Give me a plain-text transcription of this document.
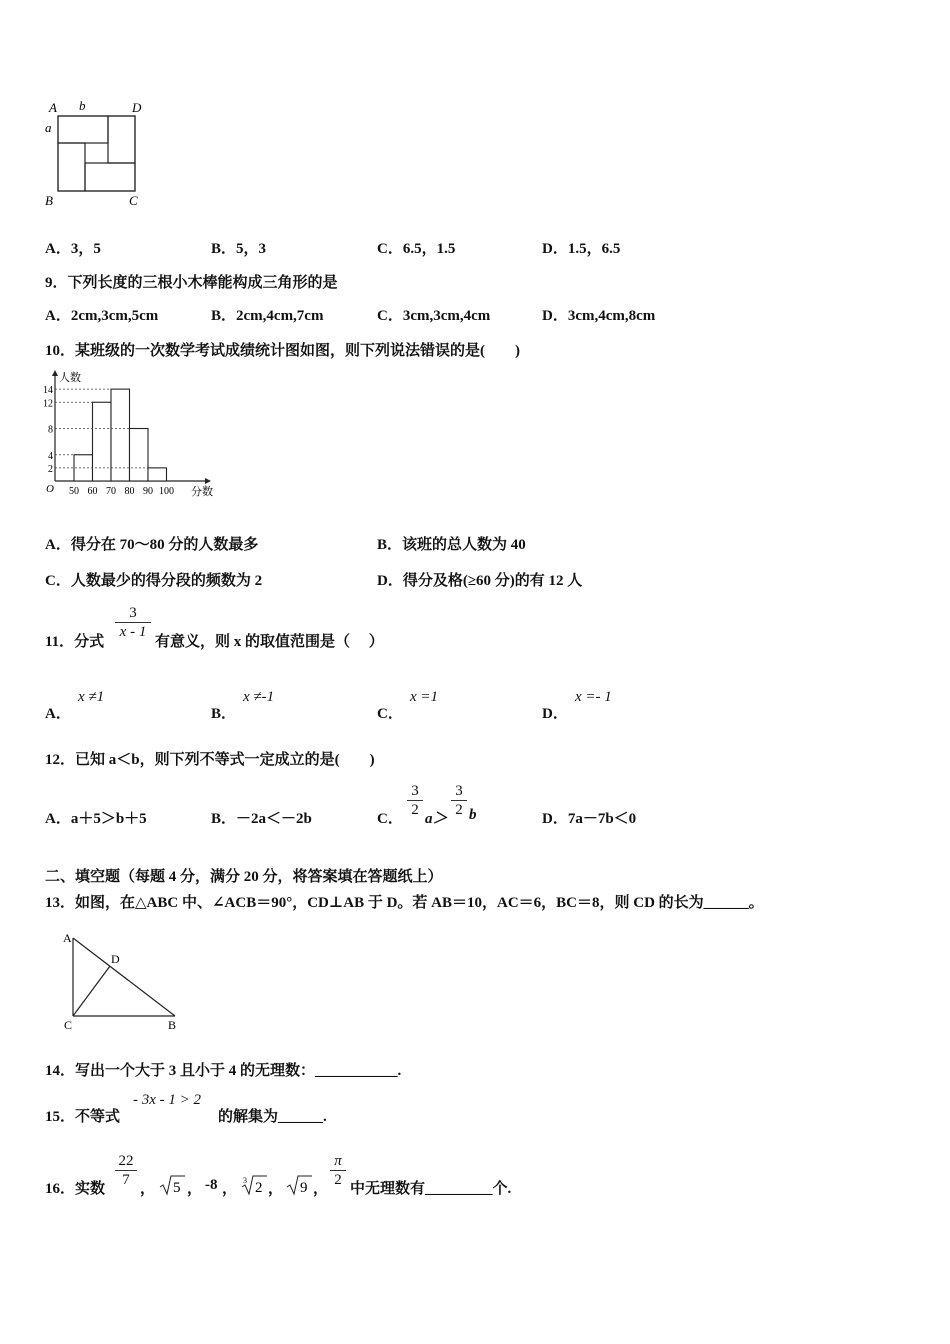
A b	D
a
B	C
A．3，5	B．5，3	C．6.5，1.5	D．1.5，6.5
9．下列长度的三根小木棒能构成三角形的是
A．2cm,3cm,5cm	B．2cm,4cm,7cm	C．3cm,3cm,4cm	D．3cm,4cm,8cm
10．某班级的一次数学考试成绩统计图如图，则下列说法错误的是(　　)
人数
分数
O
2
4
8
12
14
50 60 70 80 90 100
A．得分在 70～80 分的人数最多	B．该班的总人数为 40
C．人数最少的得分段的频数为 2	D．得分及格(≥60 分)的有 12 人
11．分式
$\frac{3}{x - 1}$
有意义，则 x 的取值范围是（　 ）
A．
x ≠1
B．
x ≠-1
C．
x =1
D．
x =- 1
12．已知 a＜b，则下列不等式一定成立的是(　　)
A．a＋5＞b＋5	B．－2a＜－2b	C． $\frac{3}{2} a> \frac{3}{2}$ b	D．7a－7b＜0
二、填空题（每题 4 分，满分 20 分，将答案填在答题纸上）
13．如图，在△ABC 中、∠ACB＝90°，CD⊥AB 于 D。若 AB＝10，AC＝6，BC＝8，则 CD 的长为______。
A
D
C	B
14．写出一个大于 3 且小于 4 的无理数：___________.
15．不等式
- 3x - 1 > 2
的解集为______.
16．实数 $\frac{22}{7}$ ， 5 ， -8 ，
3 2 ， 9 ， $\frac{\pi}{2}$ 中无理数有_________个.
